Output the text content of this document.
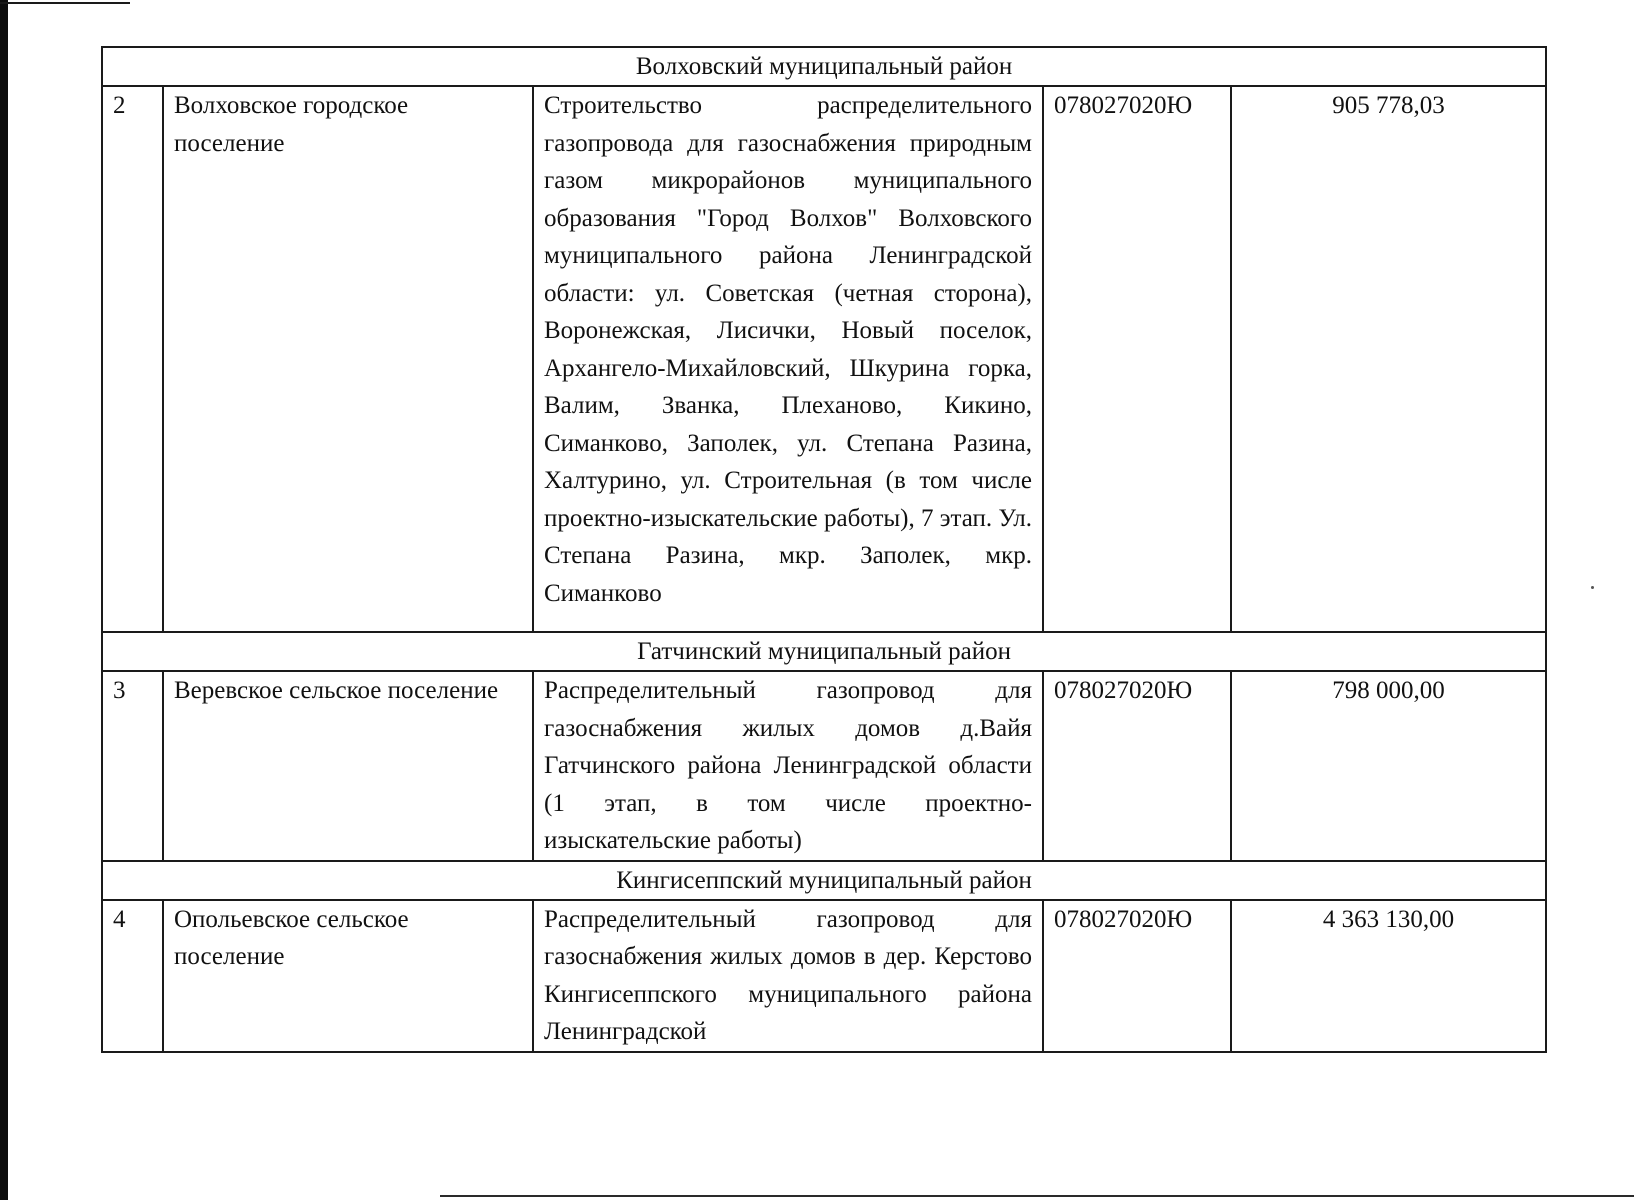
Волховский муниципальный район				
2	Волховское городское поселение	Строительство распределительного газопровода для газоснабжения природным газом микрорайонов муниципального образования "Город Волхов" Волховского муниципального района Ленинградской области: ул. Советская (четная сторона), Воронежская, Лисички, Новый поселок, Архангело-Михайловский, Шкурина горка, Валим, Званка, Плеханово, Кикино, Симанково, Заполек, ул. Степана Разина, Халтурино, ул. Строительная (в том числе проектно-изыскательские работы), 7 этап. Ул. Степана Разина, мкр. Заполек, мкр. Симанково	078027020Ю	905 778,03
Гатчинский муниципальный район				
3	Веревское сельское поселение	Распределительный газопровод для газоснабжения жилых домов д.Вайя Гатчинского района Ленинградской области (1 этап, в том числе проектно-изыскательские работы)	078027020Ю	798 000,00
Кингисеппский муниципальный район				
4	Опольевское сельское поселение	Распределительный газопровод для газоснабжения жилых домов в дер. Керстово Кингисеппского муниципального района Ленинградской	078027020Ю	4 363 130,00
